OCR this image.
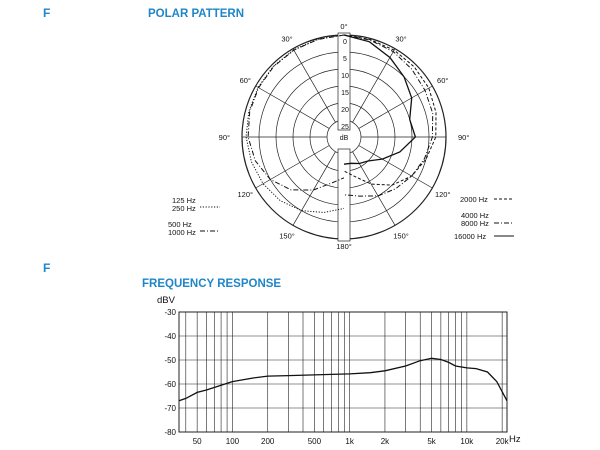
F	POLAR PATTERN
0
5
10
15
20
25
dB
0°
30°
60°
90°
120°
150°
180°
30°
60°
90°
120°
150°
125 Hz
250 Hz
500 Hz
1000 Hz
2000 Hz
4000 Hz
8000 Hz
16000 Hz
F
FREQUENCY RESPONSE
dBV
Hz
-30
-40
-50
-60
-70
-80
50	100	200	500	1k	2k	5k	10k	20k
